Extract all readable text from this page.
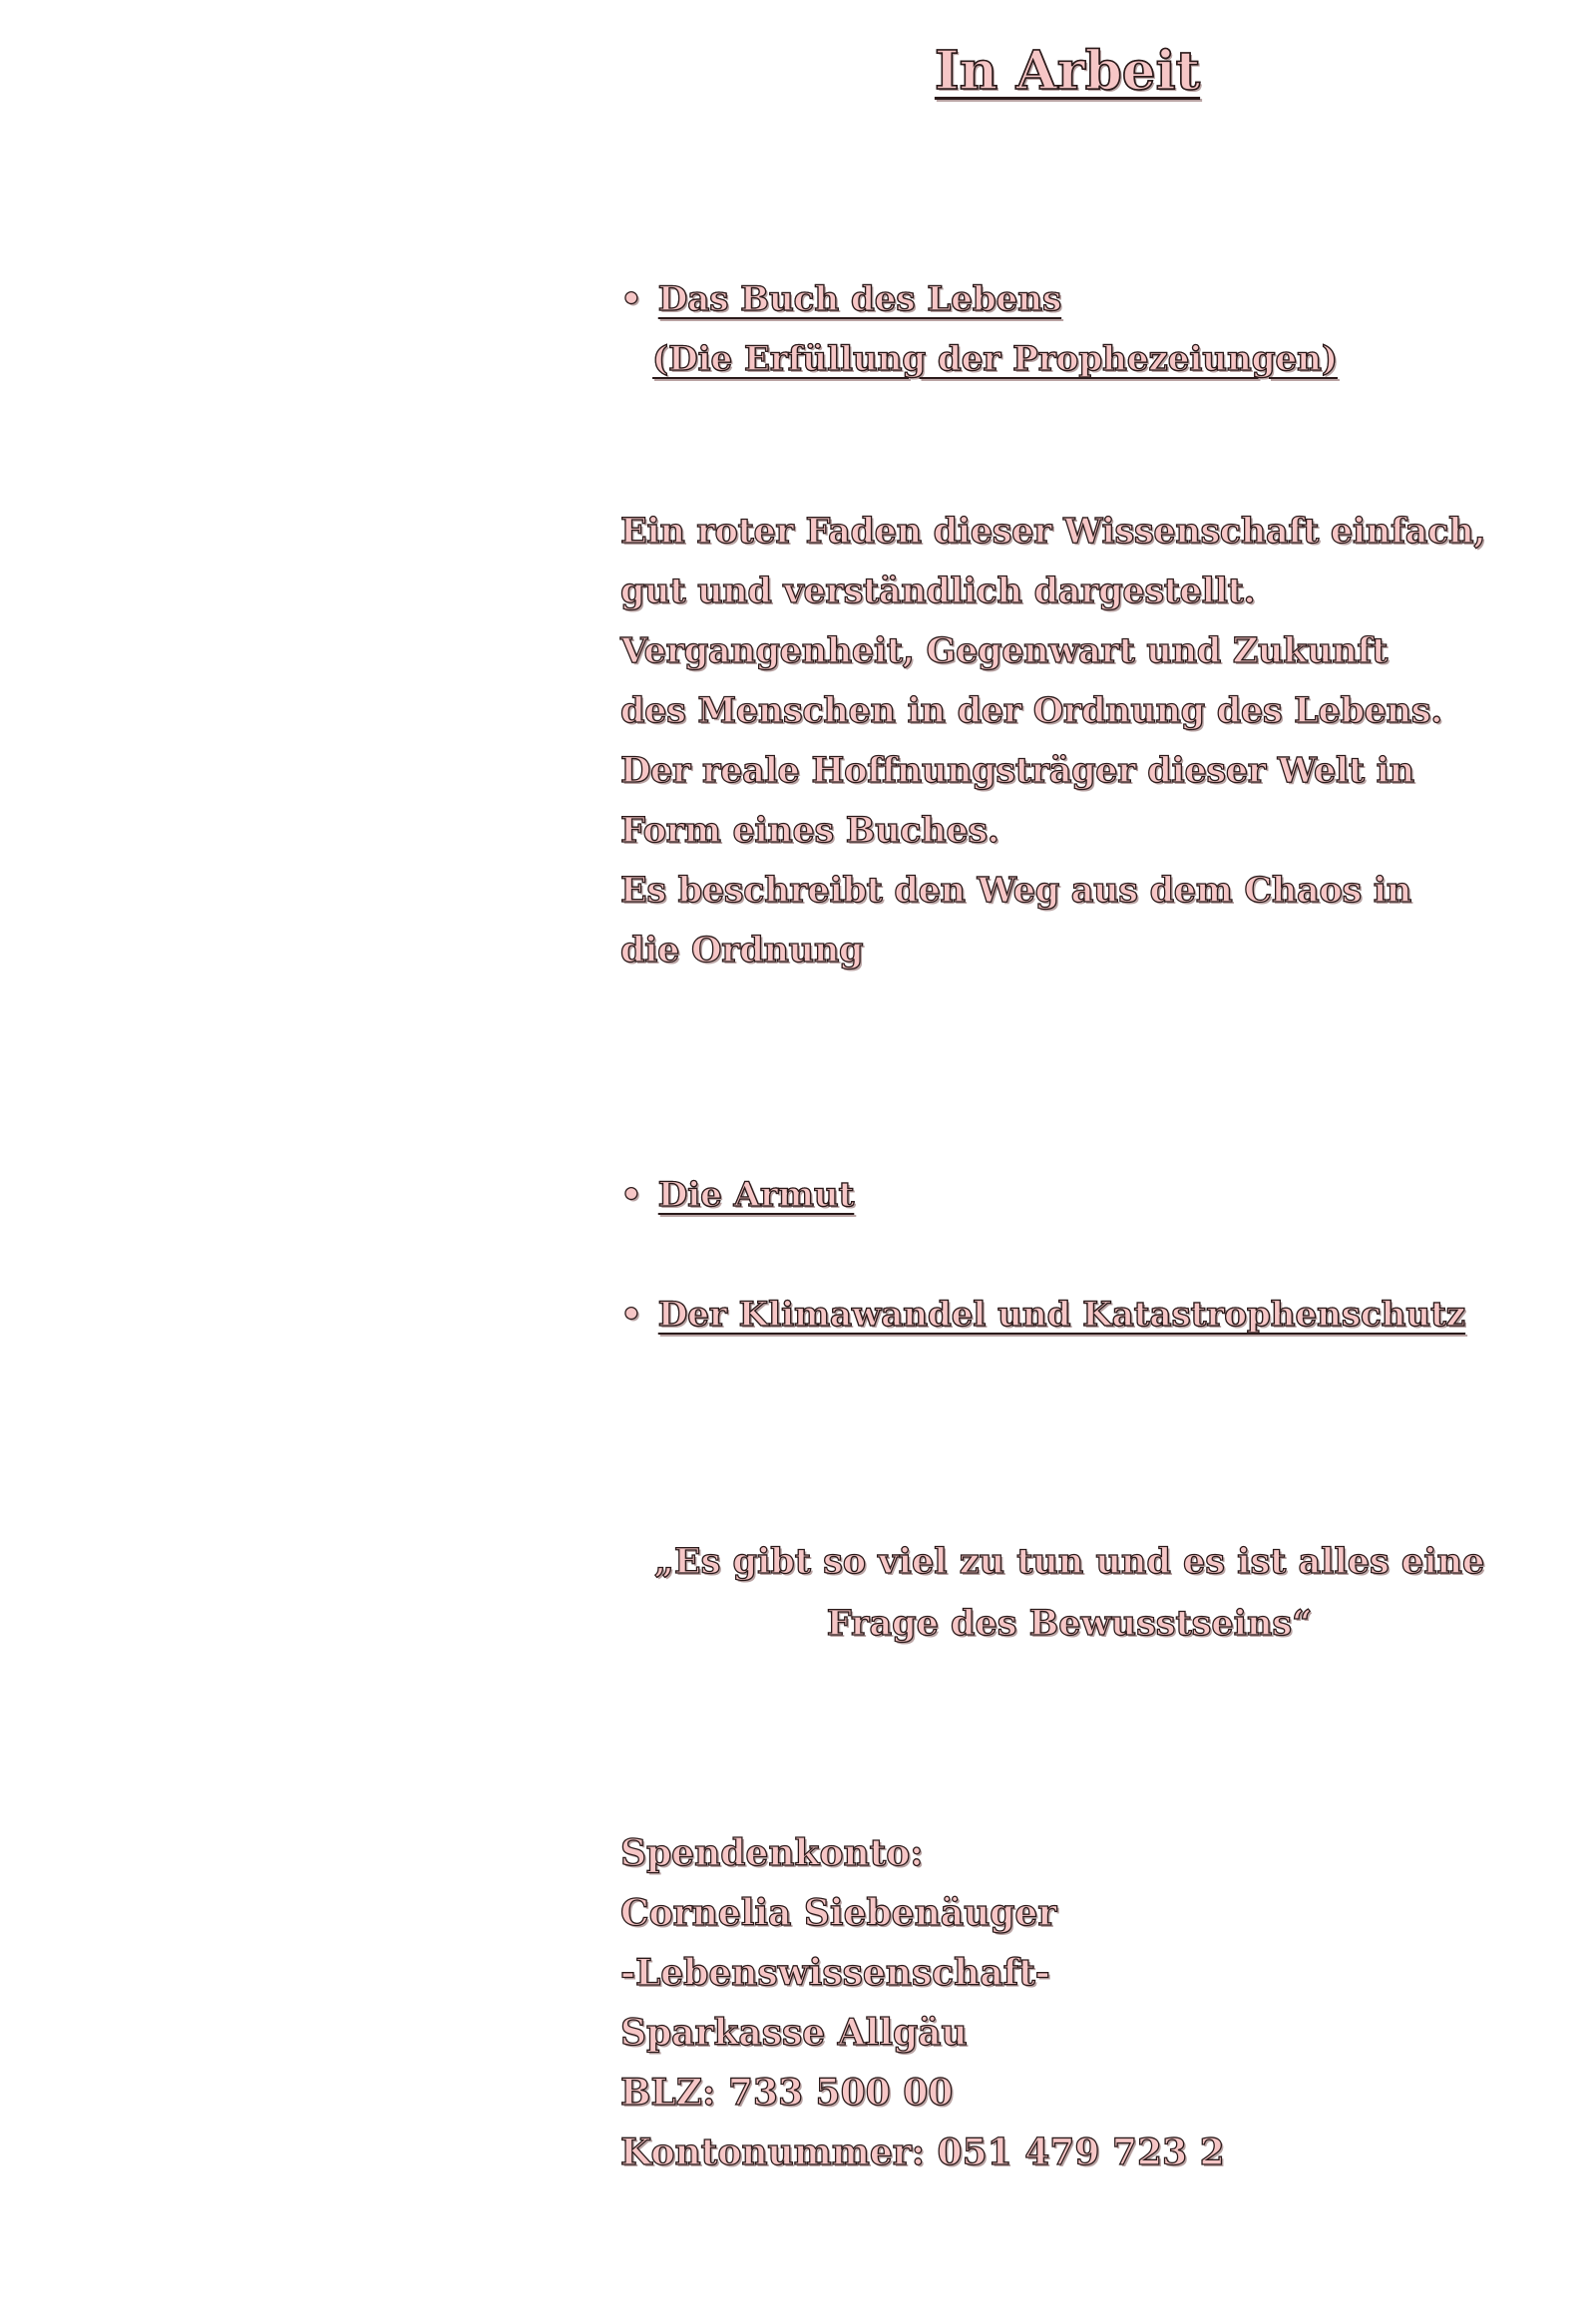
In Arbeit
• Das Buch des Lebens
(Die Erfüllung der Prophezeiungen)
Ein roter Faden dieser Wissenschaft einfach,
gut und verständlich dargestellt.
Vergangenheit, Gegenwart und Zukunft
des Menschen in der Ordnung des Lebens.
Der reale Hoffnungsträger dieser Welt in
Form eines Buches.
Es beschreibt den Weg aus dem Chaos in
die Ordnung
• Die Armut
• Der Klimawandel und Katastrophenschutz
„Es gibt so viel zu tun und es ist alles eine
Frage des Bewusstseins“
Spendenkonto:
Cornelia Siebenäuger
-Lebenswissenschaft-
Sparkasse Allgäu
BLZ: 733 500 00
Kontonummer: 051 479 723 2
